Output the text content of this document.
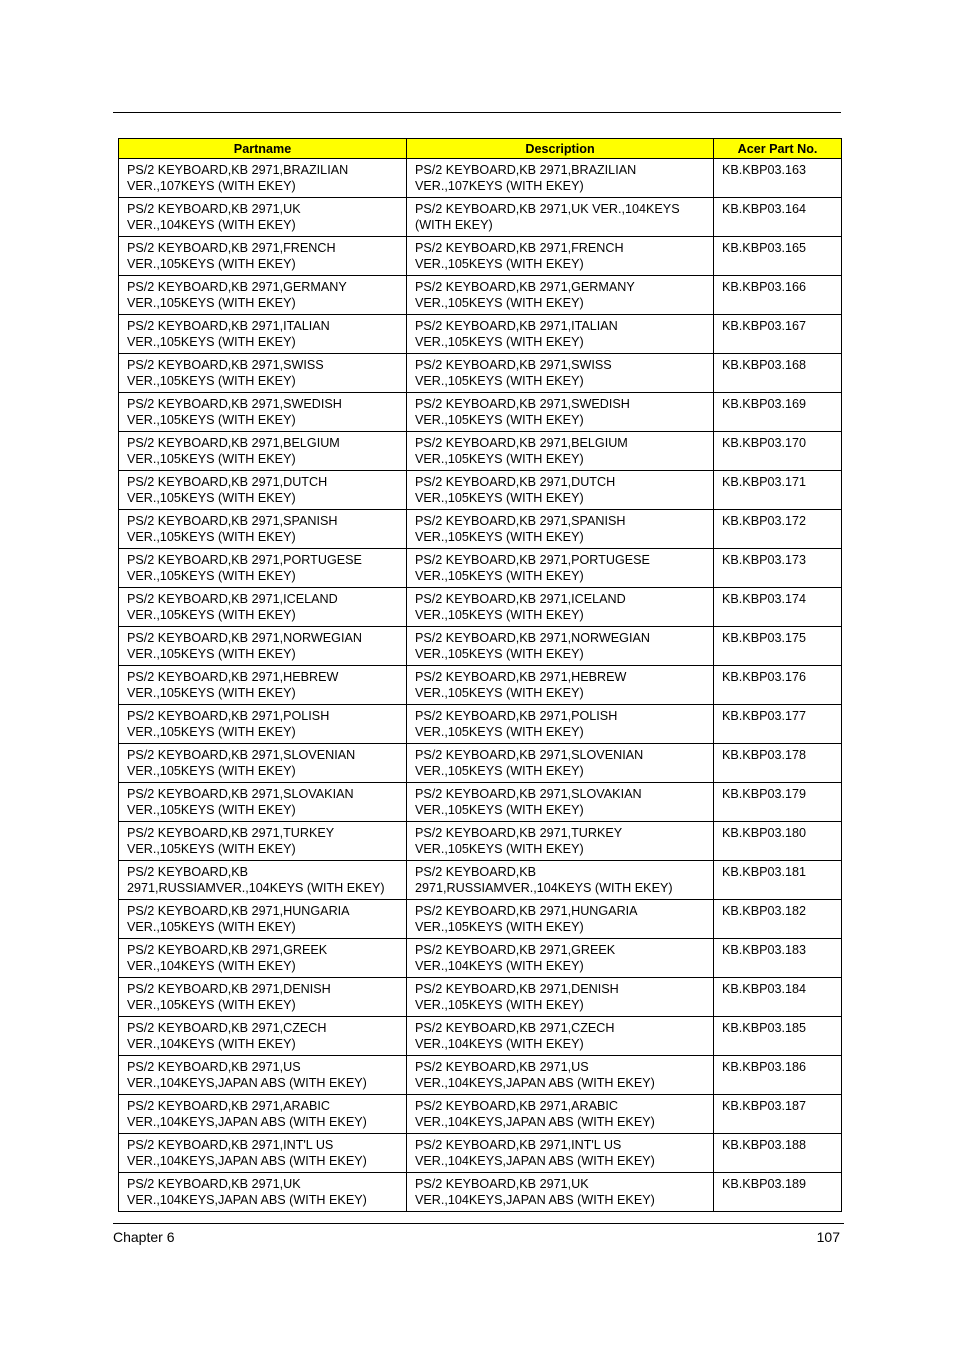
Partname	Description	Acer Part No.
PS/2 KEYBOARD,KB 2971,BRAZILIAN
VER.,107KEYS (WITH EKEY)	PS/2 KEYBOARD,KB 2971,BRAZILIAN
VER.,107KEYS (WITH EKEY)	KB.KBP03.163
PS/2 KEYBOARD,KB 2971,UK
VER.,104KEYS (WITH EKEY)	PS/2 KEYBOARD,KB 2971,UK VER.,104KEYS
(WITH EKEY)	KB.KBP03.164
PS/2 KEYBOARD,KB 2971,FRENCH
VER.,105KEYS (WITH EKEY)	PS/2 KEYBOARD,KB 2971,FRENCH
VER.,105KEYS (WITH EKEY)	KB.KBP03.165
PS/2 KEYBOARD,KB 2971,GERMANY
VER.,105KEYS (WITH EKEY)	PS/2 KEYBOARD,KB 2971,GERMANY
VER.,105KEYS (WITH EKEY)	KB.KBP03.166
PS/2 KEYBOARD,KB 2971,ITALIAN
VER.,105KEYS (WITH EKEY)	PS/2 KEYBOARD,KB 2971,ITALIAN
VER.,105KEYS (WITH EKEY)	KB.KBP03.167
PS/2 KEYBOARD,KB 2971,SWISS
VER.,105KEYS (WITH EKEY)	PS/2 KEYBOARD,KB 2971,SWISS
VER.,105KEYS (WITH EKEY)	KB.KBP03.168
PS/2 KEYBOARD,KB 2971,SWEDISH
VER.,105KEYS (WITH EKEY)	PS/2 KEYBOARD,KB 2971,SWEDISH
VER.,105KEYS (WITH EKEY)	KB.KBP03.169
PS/2 KEYBOARD,KB 2971,BELGIUM
VER.,105KEYS (WITH EKEY)	PS/2 KEYBOARD,KB 2971,BELGIUM
VER.,105KEYS (WITH EKEY)	KB.KBP03.170
PS/2 KEYBOARD,KB 2971,DUTCH
VER.,105KEYS (WITH EKEY)	PS/2 KEYBOARD,KB 2971,DUTCH
VER.,105KEYS (WITH EKEY)	KB.KBP03.171
PS/2 KEYBOARD,KB 2971,SPANISH
VER.,105KEYS (WITH EKEY)	PS/2 KEYBOARD,KB 2971,SPANISH
VER.,105KEYS (WITH EKEY)	KB.KBP03.172
PS/2 KEYBOARD,KB 2971,PORTUGESE
VER.,105KEYS (WITH EKEY)	PS/2 KEYBOARD,KB 2971,PORTUGESE
VER.,105KEYS (WITH EKEY)	KB.KBP03.173
PS/2 KEYBOARD,KB 2971,ICELAND
VER.,105KEYS (WITH EKEY)	PS/2 KEYBOARD,KB 2971,ICELAND
VER.,105KEYS (WITH EKEY)	KB.KBP03.174
PS/2 KEYBOARD,KB 2971,NORWEGIAN
VER.,105KEYS (WITH EKEY)	PS/2 KEYBOARD,KB 2971,NORWEGIAN
VER.,105KEYS (WITH EKEY)	KB.KBP03.175
PS/2 KEYBOARD,KB 2971,HEBREW
VER.,105KEYS (WITH EKEY)	PS/2 KEYBOARD,KB 2971,HEBREW
VER.,105KEYS (WITH EKEY)	KB.KBP03.176
PS/2 KEYBOARD,KB 2971,POLISH
VER.,105KEYS (WITH EKEY)	PS/2 KEYBOARD,KB 2971,POLISH
VER.,105KEYS (WITH EKEY)	KB.KBP03.177
PS/2 KEYBOARD,KB 2971,SLOVENIAN
VER.,105KEYS (WITH EKEY)	PS/2 KEYBOARD,KB 2971,SLOVENIAN
VER.,105KEYS (WITH EKEY)	KB.KBP03.178
PS/2 KEYBOARD,KB 2971,SLOVAKIAN
VER.,105KEYS (WITH EKEY)	PS/2 KEYBOARD,KB 2971,SLOVAKIAN
VER.,105KEYS (WITH EKEY)	KB.KBP03.179
PS/2 KEYBOARD,KB 2971,TURKEY
VER.,105KEYS (WITH EKEY)	PS/2 KEYBOARD,KB 2971,TURKEY
VER.,105KEYS (WITH EKEY)	KB.KBP03.180
PS/2 KEYBOARD,KB
2971,RUSSIAMVER.,104KEYS (WITH EKEY)	PS/2 KEYBOARD,KB
2971,RUSSIAMVER.,104KEYS (WITH EKEY)	KB.KBP03.181
PS/2 KEYBOARD,KB 2971,HUNGARIA
VER.,105KEYS (WITH EKEY)	PS/2 KEYBOARD,KB 2971,HUNGARIA
VER.,105KEYS (WITH EKEY)	KB.KBP03.182
PS/2 KEYBOARD,KB 2971,GREEK
VER.,104KEYS (WITH EKEY)	PS/2 KEYBOARD,KB 2971,GREEK
VER.,104KEYS (WITH EKEY)	KB.KBP03.183
PS/2 KEYBOARD,KB 2971,DENISH
VER.,105KEYS (WITH EKEY)	PS/2 KEYBOARD,KB 2971,DENISH
VER.,105KEYS (WITH EKEY)	KB.KBP03.184
PS/2 KEYBOARD,KB 2971,CZECH
VER.,104KEYS (WITH EKEY)	PS/2 KEYBOARD,KB 2971,CZECH
VER.,104KEYS (WITH EKEY)	KB.KBP03.185
PS/2 KEYBOARD,KB 2971,US
VER.,104KEYS,JAPAN ABS (WITH EKEY)	PS/2 KEYBOARD,KB 2971,US
VER.,104KEYS,JAPAN ABS (WITH EKEY)	KB.KBP03.186
PS/2 KEYBOARD,KB 2971,ARABIC
VER.,104KEYS,JAPAN ABS (WITH EKEY)	PS/2 KEYBOARD,KB 2971,ARABIC
VER.,104KEYS,JAPAN ABS (WITH EKEY)	KB.KBP03.187
PS/2 KEYBOARD,KB 2971,INT'L US
VER.,104KEYS,JAPAN ABS (WITH EKEY)	PS/2 KEYBOARD,KB 2971,INT'L US
VER.,104KEYS,JAPAN ABS (WITH EKEY)	KB.KBP03.188
PS/2 KEYBOARD,KB 2971,UK
VER.,104KEYS,JAPAN ABS (WITH EKEY)	PS/2 KEYBOARD,KB 2971,UK
VER.,104KEYS,JAPAN ABS (WITH EKEY)	KB.KBP03.189
Chapter 6	107
